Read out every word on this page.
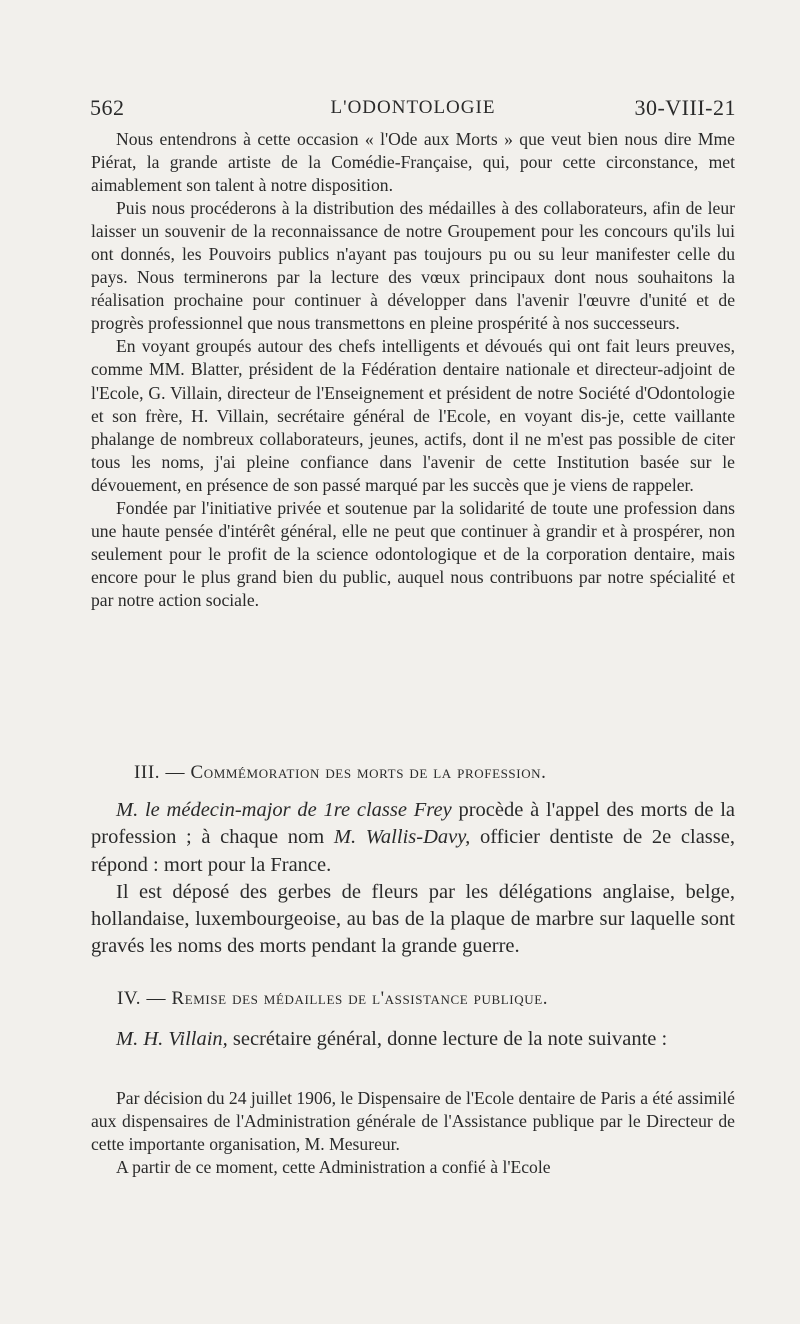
562	L'ODONTOLOGIE	30-VIII-21

Nous entendrons à cette occasion « l'Ode aux Morts » que veut bien nous dire Mme Piérat, la grande artiste de la Comédie-Française, qui, pour cette circonstance, met aimablement son talent à notre disposition.

Puis nous procéderons à la distribution des médailles à des collaborateurs, afin de leur laisser un souvenir de la reconnaissance de notre Groupement pour les concours qu'ils lui ont donnés, les Pouvoirs publics n'ayant pas toujours pu ou su leur manifester celle du pays. Nous terminerons par la lecture des vœux principaux dont nous souhaitons la réalisation prochaine pour continuer à développer dans l'avenir l'œuvre d'unité et de progrès professionnel que nous transmettons en pleine prospérité à nos successeurs.

En voyant groupés autour des chefs intelligents et dévoués qui ont fait leurs preuves, comme MM. Blatter, président de la Fédération dentaire nationale et directeur-adjoint de l'Ecole, G. Villain, directeur de l'Enseignement et président de notre Société d'Odontologie et son frère, H. Villain, secrétaire général de l'Ecole, en voyant dis-je, cette vaillante phalange de nombreux collaborateurs, jeunes, actifs, dont il ne m'est pas possible de citer tous les noms, j'ai pleine confiance dans l'avenir de cette Institution basée sur le dévouement, en présence de son passé marqué par les succès que je viens de rappeler.

Fondée par l'initiative privée et soutenue par la solidarité de toute une profession dans une haute pensée d'intérêt général, elle ne peut que continuer à grandir et à prospérer, non seulement pour le profit de la science odontologique et de la corporation dentaire, mais encore pour le plus grand bien du public, auquel nous contribuons par notre spécialité et par notre action sociale.

III. — Commémoration des morts de la profession.

M. le médecin-major de 1re classe Frey procède à l'appel des morts de la profession ; à chaque nom M. Wallis-Davy, officier dentiste de 2e classe, répond : mort pour la France.

Il est déposé des gerbes de fleurs par les délégations anglaise, belge, hollandaise, luxembourgeoise, au bas de la plaque de marbre sur laquelle sont gravés les noms des morts pendant la grande guerre.

IV. — Remise des médailles de l'assistance publique.

M. H. Villain, secrétaire général, donne lecture de la note suivante :

Par décision du 24 juillet 1906, le Dispensaire de l'Ecole dentaire de Paris a été assimilé aux dispensaires de l'Administration générale de l'Assistance publique par le Directeur de cette importante organisation, M. Mesureur.

A partir de ce moment, cette Administration a confié à l'Ecole
